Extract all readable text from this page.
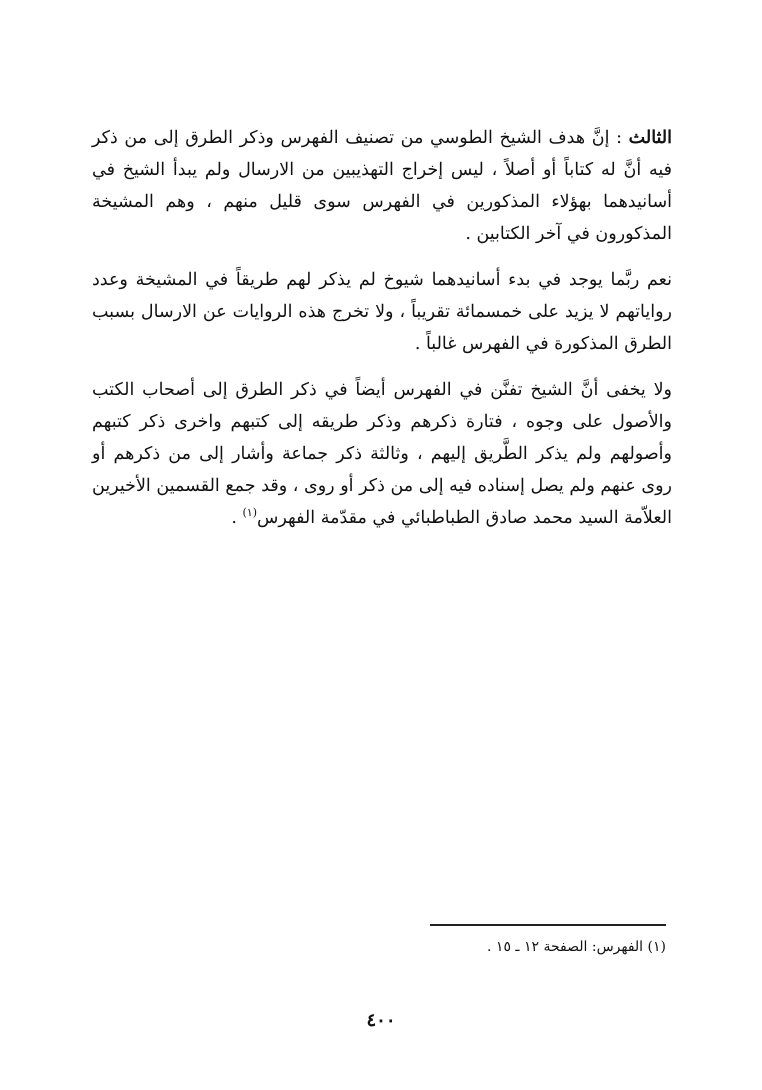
الثالث : إنَّ هدف الشيخ الطوسي من تصنيف الفهرس وذكر الطرق إلى من ذكر فيه أنَّ له كتاباً أو أصلاً ، ليس إخراج التهذيبين من الارسال ولم يبدأ الشيخ في أسانيدهما بهؤلاء المذكورين في الفهرس سوى قليل منهم ، وهم المشيخة المذكورون في آخر الكتابين .

نعم ربَّما يوجد في بدء أسانيدهما شيوخ لم يذكر لهم طريقاً في المشيخة وعدد رواياتهم لا يزيد على خمسمائة تقريباً ، ولا تخرج هذه الروايات عن الارسال بسبب الطرق المذكورة في الفهرس غالباً .

ولا يخفى أنَّ الشيخ تفنَّن في الفهرس أيضاً في ذكر الطرق إلى أصحاب الكتب والأصول على وجوه ، فتارة ذكرهم وذكر طريقه إلى كتبهم واخرى ذكر كتبهم وأصولهم ولم يذكر الطَّريق إليهم ، وثالثة ذكر جماعة وأشار إلى من ذكرهم أو روى عنهم ولم يصل إسناده فيه إلى من ذكر أو روى ، وقد جمع القسمين الأخيرين العلاّمة السيد محمد صادق الطباطبائي في مقدّمة الفهرس$^{(١)}$ .

(١) الفهرس: الصفحة ١٢ ـ ١٥ .
٤٠٠
